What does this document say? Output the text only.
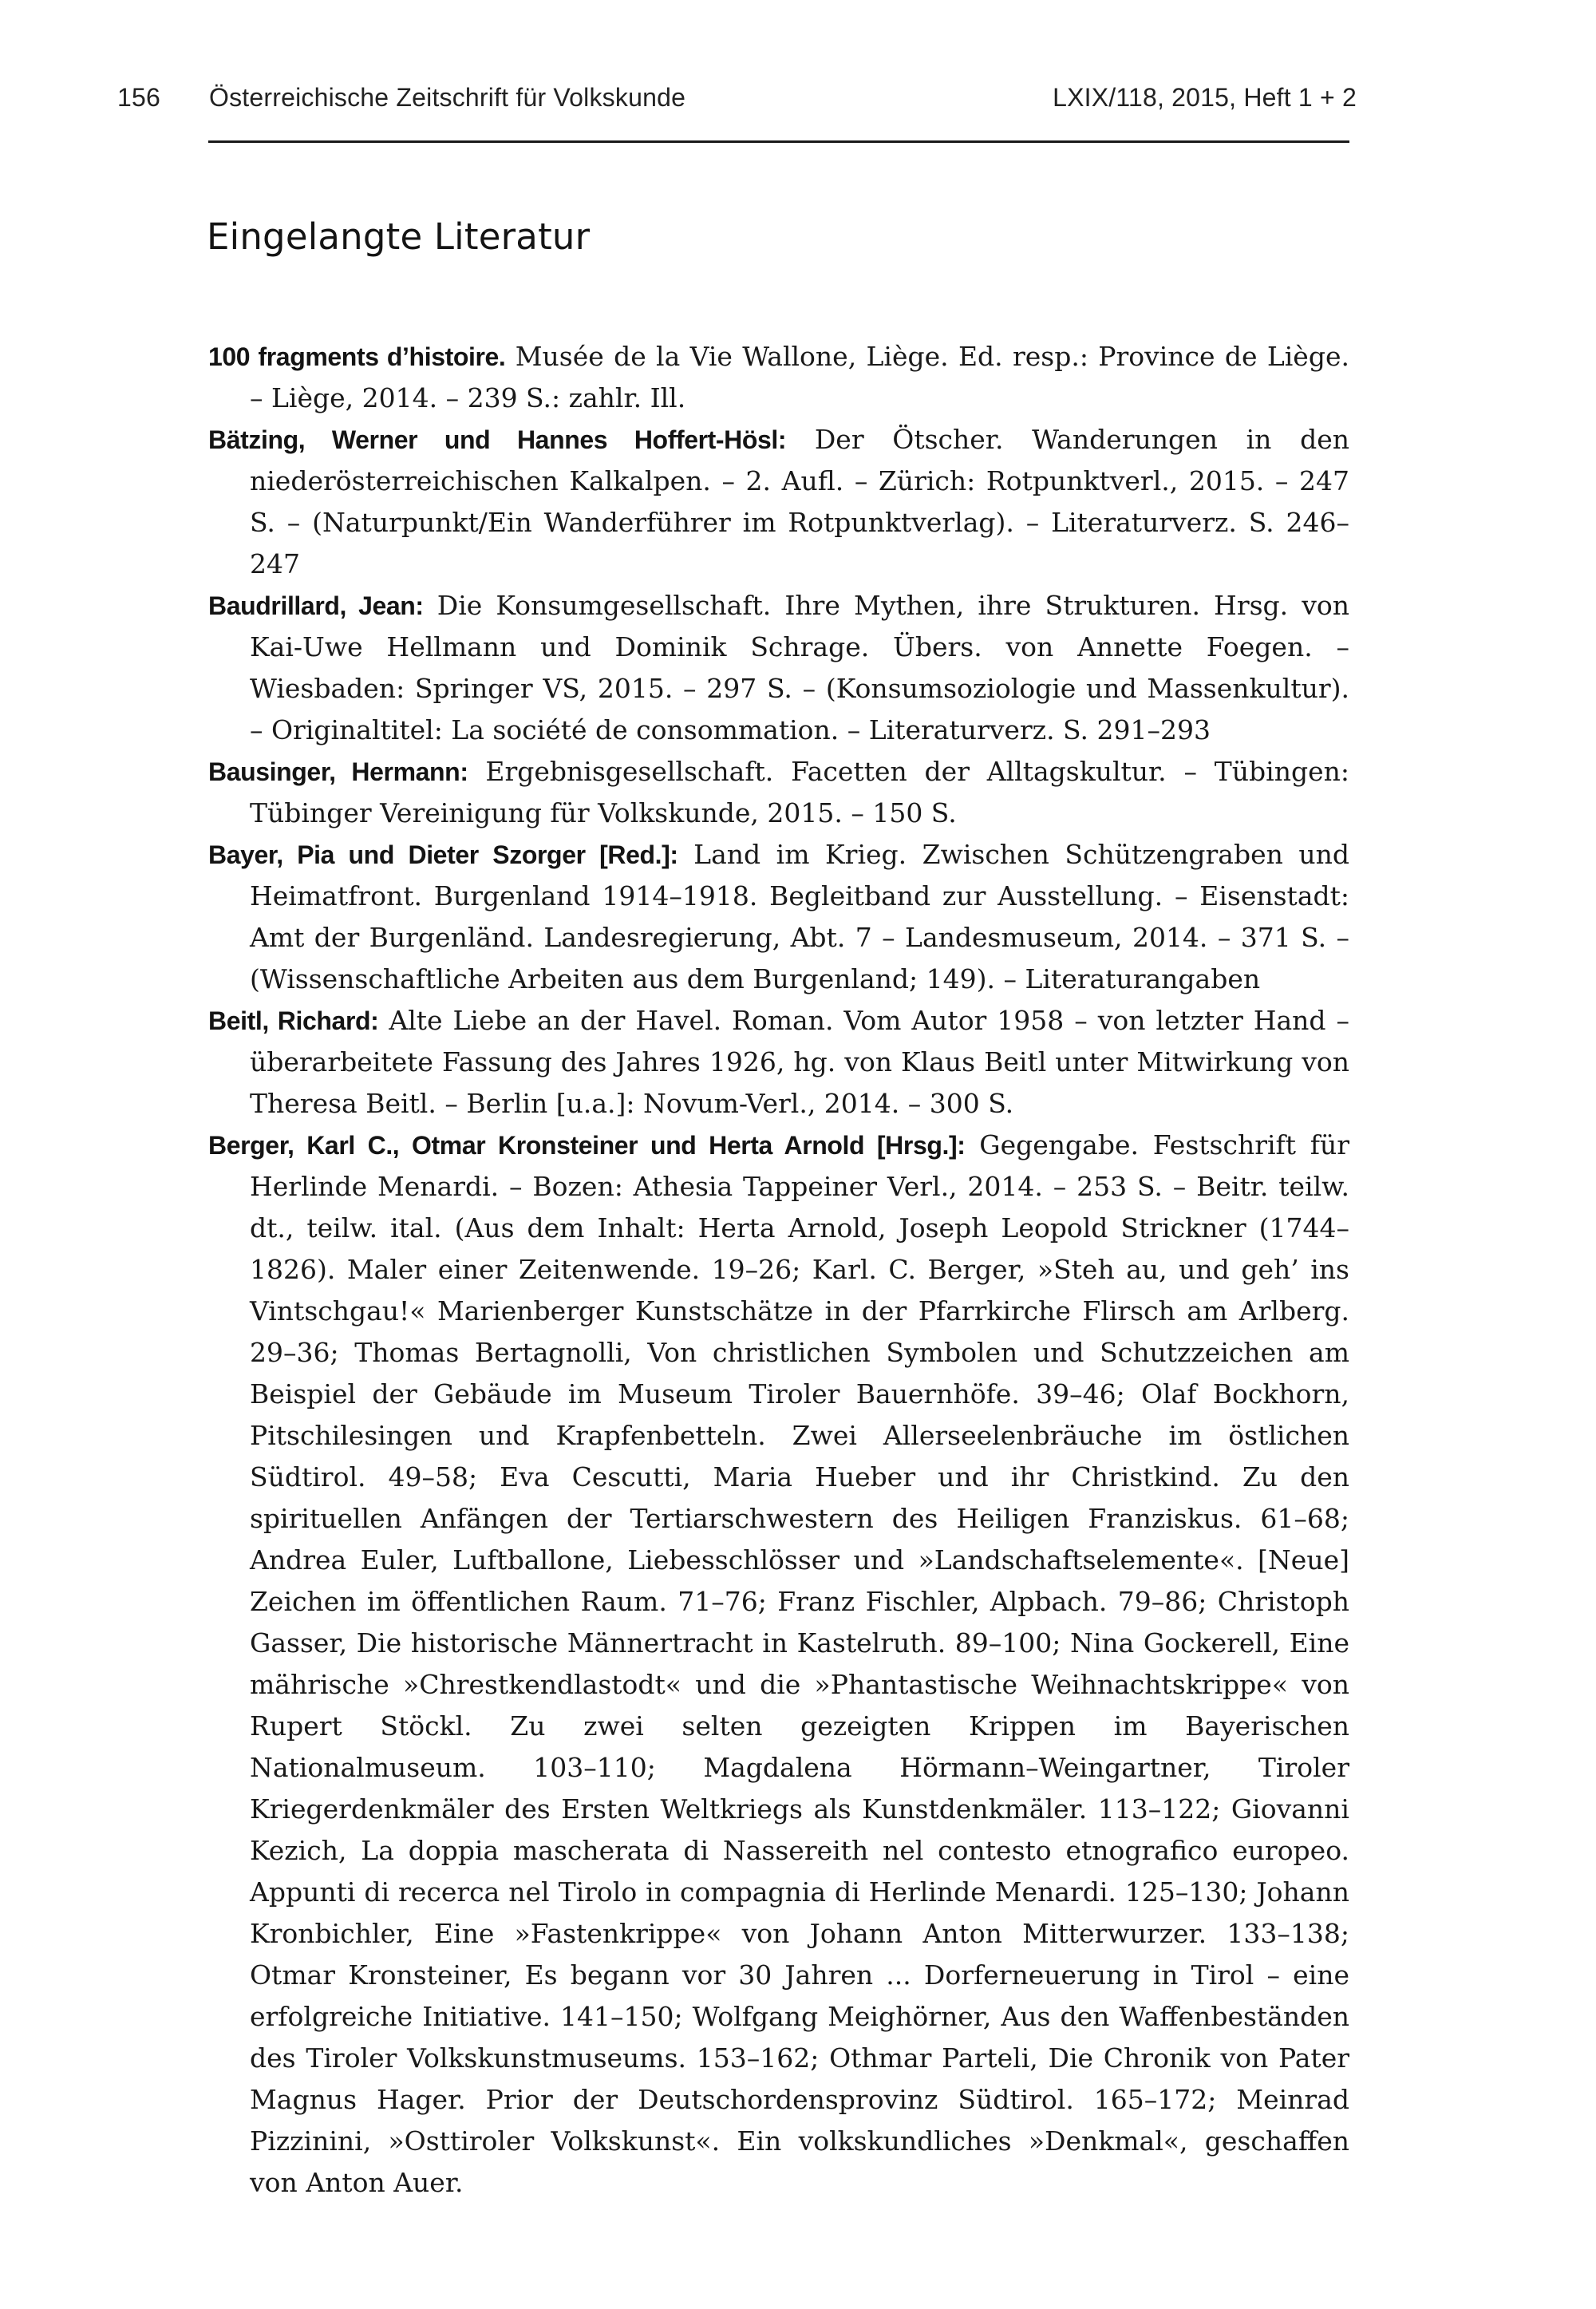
156	Österreichische Zeitschrift für Volkskunde	LXIX/118, 2015, Heft 1 + 2
Eingelangte Literatur

100 fragments d’histoire. Musée de la Vie Wallone, Liège. Ed. resp.: Province de Liège. – Liège, 2014. – 239 S.: zahlr. Ill.

Bätzing, Werner und Hannes Hoffert-Hösl: Der Ötscher. Wanderungen in den niederösterreichischen Kalkalpen. – 2. Aufl. – Zürich: Rotpunktverl., 2015. – 247 S. – (Naturpunkt/Ein Wanderführer im Rotpunktverlag). – Literaturverz. S. 246–247

Baudrillard, Jean: Die Konsumgesellschaft. Ihre Mythen, ihre Strukturen. Hrsg. von Kai-Uwe Hellmann und Dominik Schrage. Übers. von Annette Foegen. – Wiesbaden: Springer VS, 2015. – 297 S. – (Konsumsoziologie und Massenkultur). – Originaltitel: La société de consommation. – Literaturverz. S. 291–293

Bausinger, Hermann: Ergebnisgesellschaft. Facetten der Alltagskultur. – Tübingen: Tübinger Vereinigung für Volkskunde, 2015. – 150 S.

Bayer, Pia und Dieter Szorger [Red.]: Land im Krieg. Zwischen Schützengraben und Heimatfront. Burgenland 1914–1918. Begleitband zur Ausstellung. – Eisenstadt: Amt der Burgenländ. Landesregierung, Abt. 7 – Landesmuseum, 2014. – 371 S. – (Wissenschaftliche Arbeiten aus dem Burgenland; 149). – Literaturangaben

Beitl, Richard: Alte Liebe an der Havel. Roman. Vom Autor 1958 – von letzter Hand – überarbeitete Fassung des Jahres 1926, hg. von Klaus Beitl unter Mitwirkung von Theresa Beitl. – Berlin [u.a.]: Novum-Verl., 2014. – 300 S.

Berger, Karl C., Otmar Kronsteiner und Herta Arnold [Hrsg.]: Gegengabe. Festschrift für Herlinde Menardi. – Bozen: Athesia Tappeiner Verl., 2014. – 253 S. – Beitr. teilw. dt., teilw. ital. (Aus dem Inhalt: Herta Arnold, Joseph Leopold Strickner (1744–1826). Maler einer Zeitenwende. 19–26; Karl. C. Berger, »Steh au, und geh’ ins Vintschgau!« Marienberger Kunstschätze in der Pfarrkirche Flirsch am Arlberg. 29–36; Thomas Bertagnolli, Von christlichen Symbolen und Schutzzeichen am Beispiel der Gebäude im Museum Tiroler Bauernhöfe. 39–46; Olaf Bockhorn, Pitschilesingen und Krapfenbetteln. Zwei Allerseelenbräuche im östlichen Südtirol. 49–58; Eva Cescutti, Maria Hueber und ihr Christkind. Zu den spirituellen Anfängen der Tertiarschwestern des Heiligen Franziskus. 61–68; Andrea Euler, Luftballone, Liebesschlösser und »Landschaftselemente«. [Neue] Zeichen im öffentlichen Raum. 71–76; Franz Fischler, Alpbach. 79–86; Christoph Gasser, Die historische Männertracht in Kastelruth. 89–100; Nina Gockerell, Eine mährische »Chrestkendlastodt« und die »Phantastische Weihnachtskrippe« von Rupert Stöckl. Zu zwei selten gezeigten Krippen im Bayerischen Nationalmuseum. 103–110; Magdalena Hörmann–Weingartner, Tiroler Kriegerdenkmäler des Ersten Weltkriegs als Kunstdenkmäler. 113–122; Giovanni Kezich, La doppia mascherata di Nassereith nel contesto etnografico europeo. Appunti di recerca nel Tirolo in compagnia di Herlinde Menardi. 125–130; Johann Kronbichler, Eine »Fastenkrippe« von Johann Anton Mitterwurzer. 133–138; Otmar Kronsteiner, Es begann vor 30 Jahren ... Dorferneuerung in Tirol – eine erfolgreiche Initiative. 141–150; Wolfgang Meighörner, Aus den Waffenbeständen des Tiroler Volkskunstmuseums. 153–162; Othmar Parteli, Die Chronik von Pater Magnus Hager. Prior der Deutschordensprovinz Südtirol. 165–172; Meinrad Pizzinini, »Osttiroler Volkskunst«. Ein volkskundliches »Denkmal«, geschaffen von Anton Auer.
